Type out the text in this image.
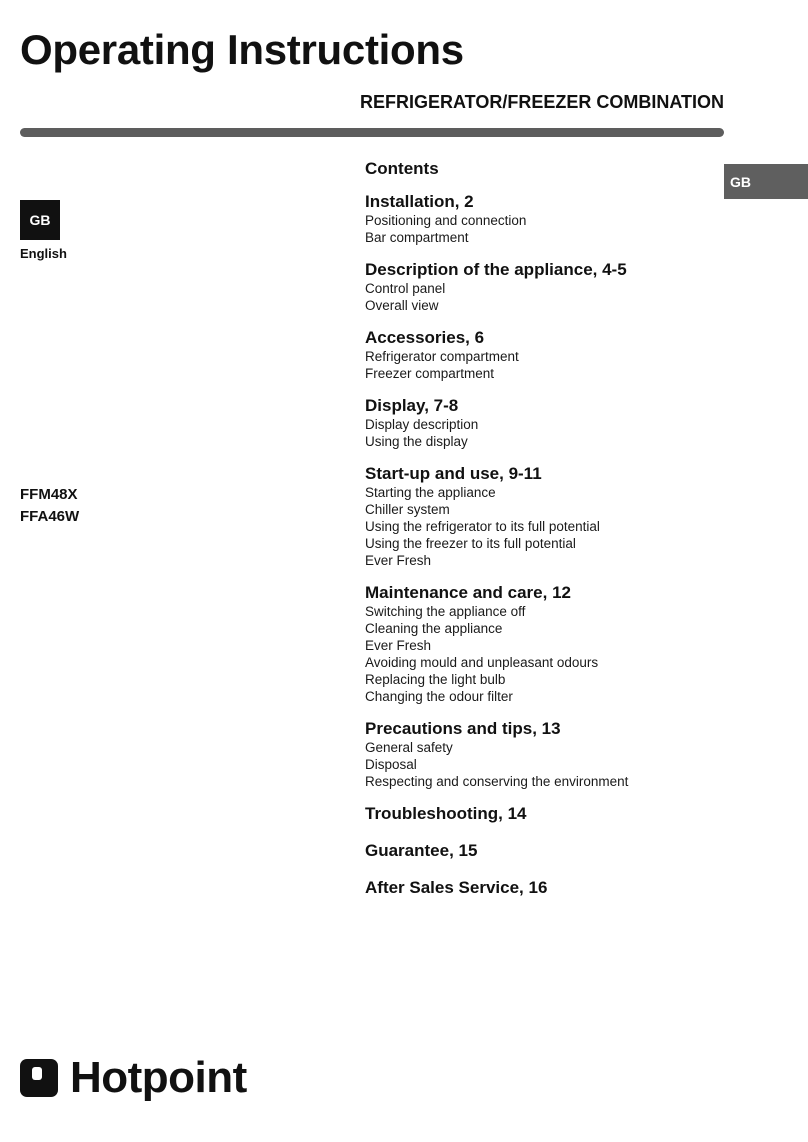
Operating Instructions
REFRIGERATOR/FREEZER COMBINATION
GB
English
GB
FFM48X
FFA46W
Contents
Installation, 2
Positioning and connection
Bar compartment
Description of the appliance, 4-5
Control panel
Overall view
Accessories, 6
Refrigerator compartment
Freezer compartment
Display, 7-8
Display description
Using the display
Start-up and use, 9-11
Starting the appliance
Chiller system
Using the refrigerator to its full potential
Using the freezer to its full potential
Ever Fresh
Maintenance and care, 12
Switching the appliance off
Cleaning the appliance
Ever Fresh
Avoiding mould and unpleasant odours
Replacing the light bulb
Changing the odour filter
Precautions and tips, 13
General safety
Disposal
Respecting and conserving the environment
Troubleshooting, 14
Guarantee, 15
After Sales Service, 16
Hotpoint
